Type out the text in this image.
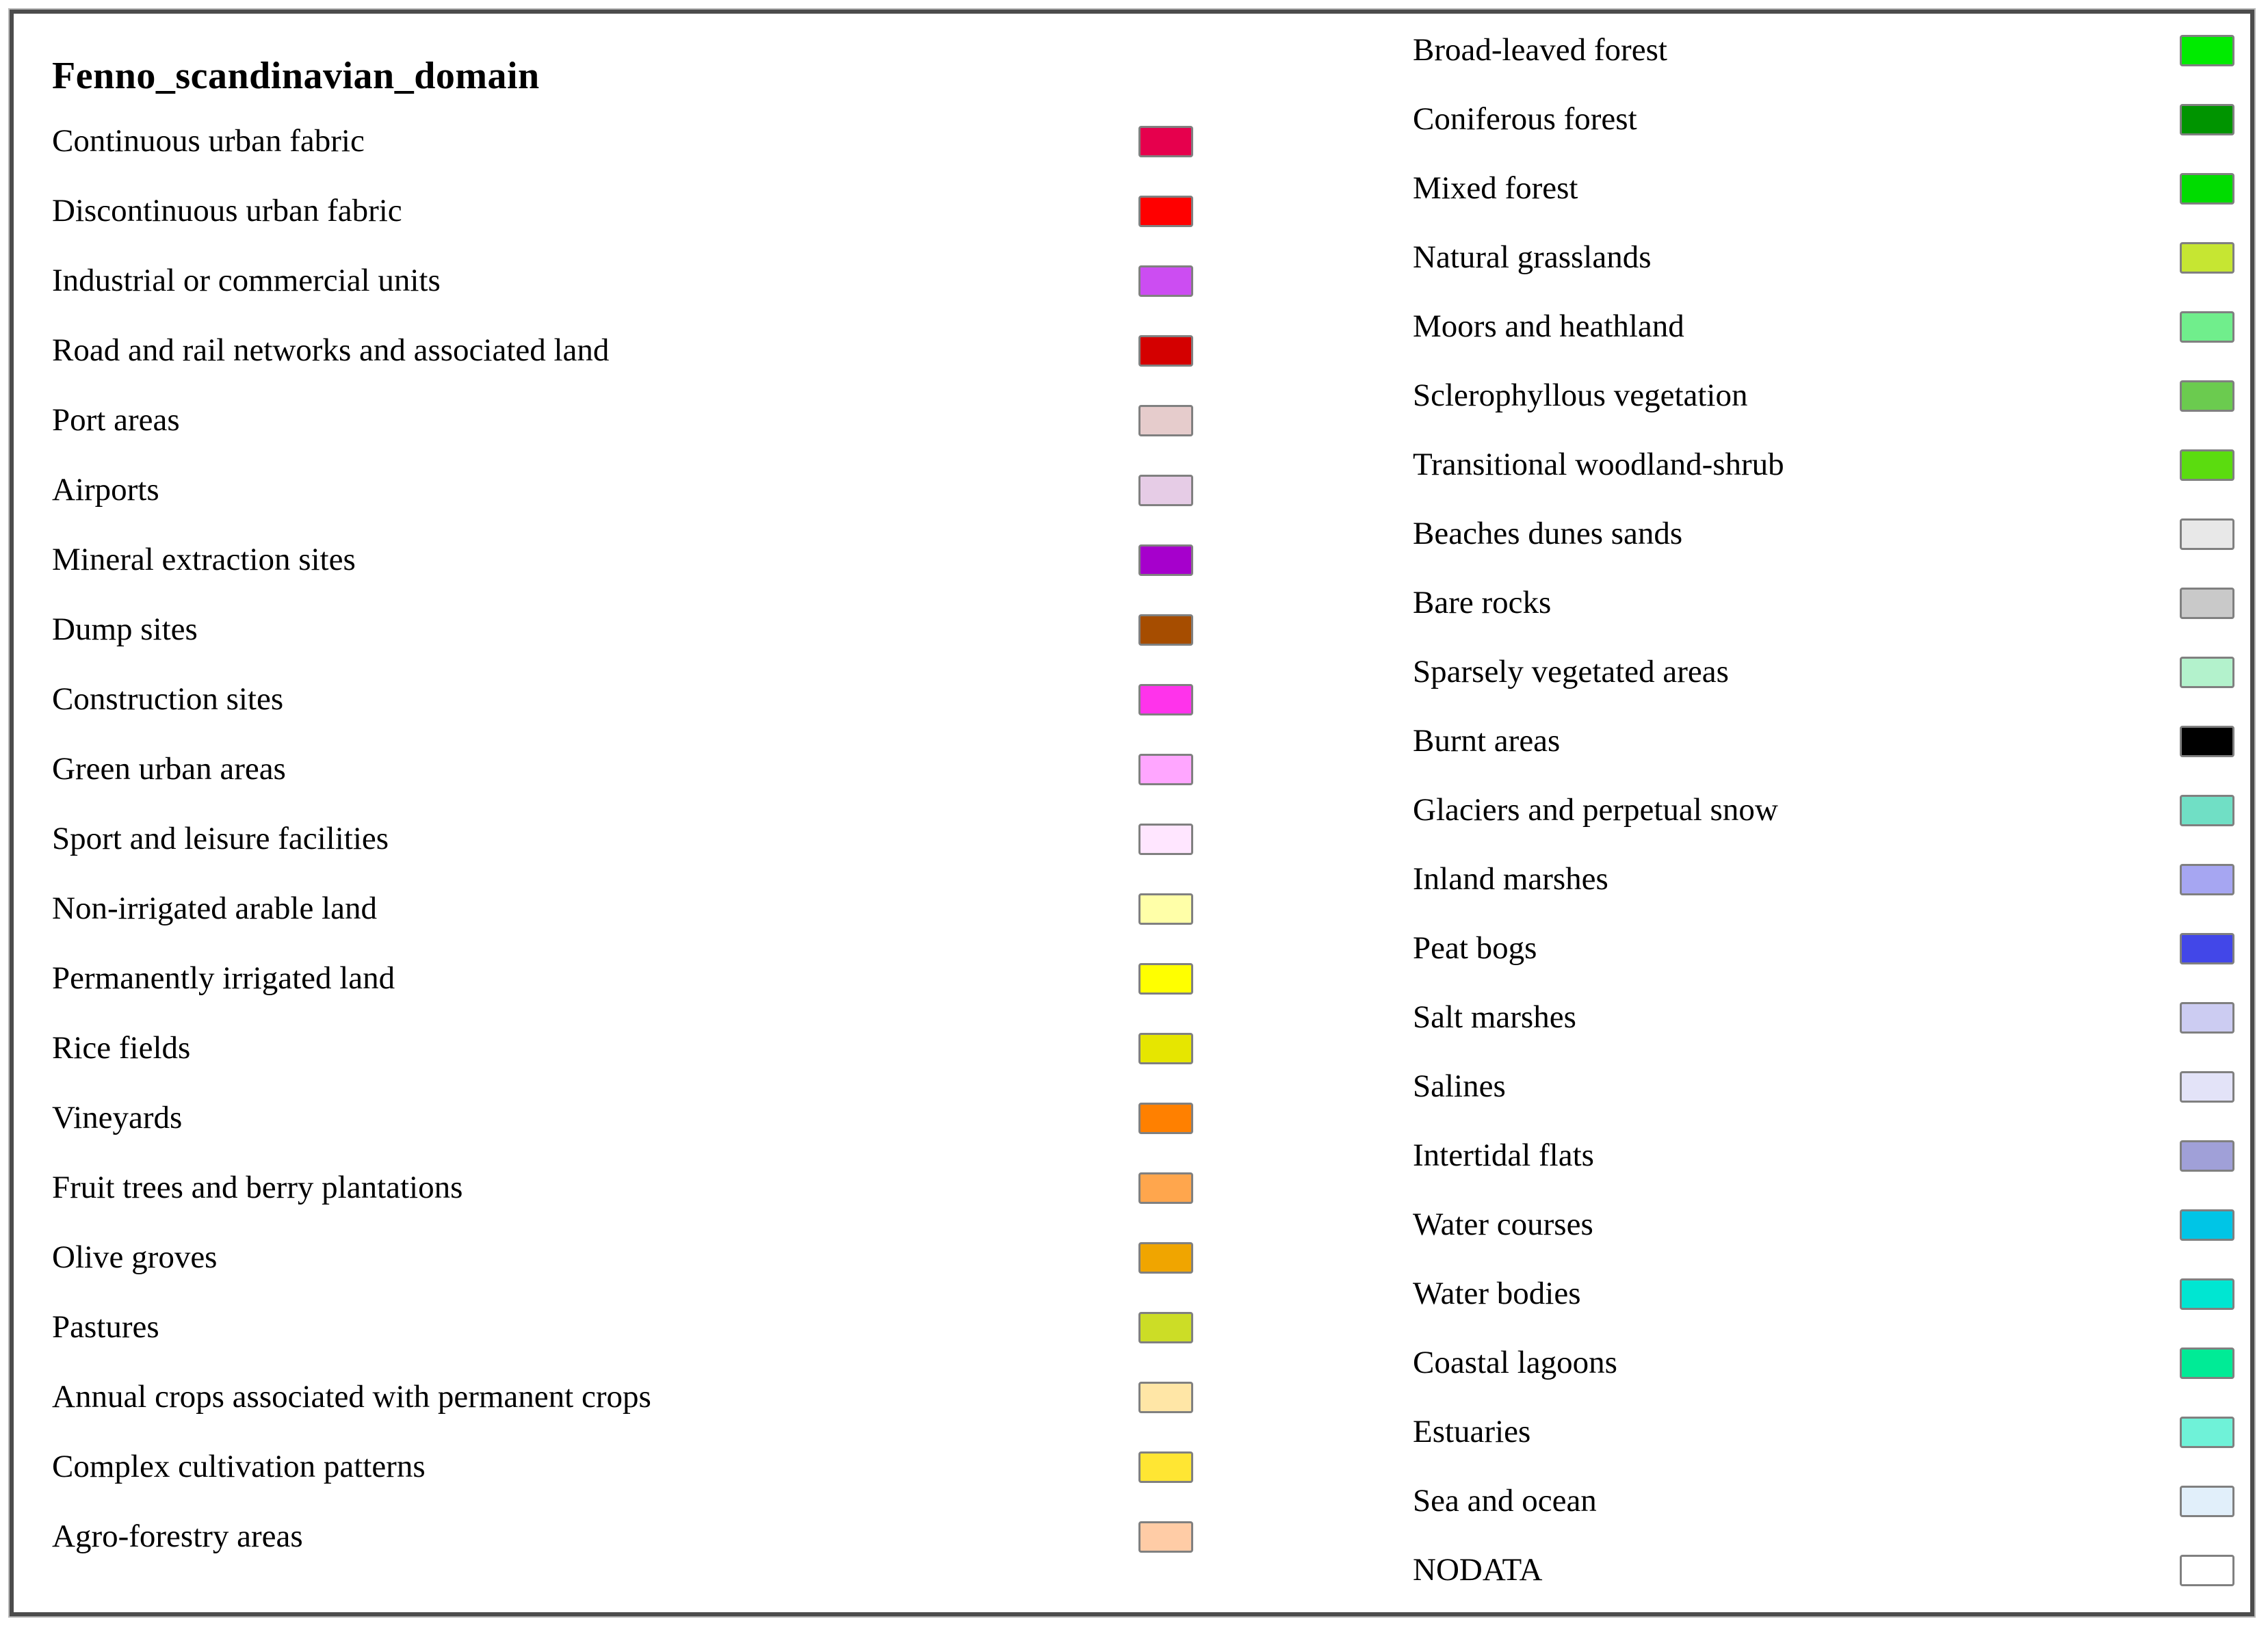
Fenno_scandinavian_domain
Continuous urban fabric
Discontinuous urban fabric
Industrial or commercial units
Road and rail networks and associated land
Port areas
Airports
Mineral extraction sites
Dump sites
Construction sites
Green urban areas
Sport and leisure facilities
Non-irrigated arable land
Permanently irrigated land
Rice fields
Vineyards
Fruit trees and berry plantations
Olive groves
Pastures
Annual crops associated with permanent crops
Complex cultivation patterns
Agro-forestry areas
Broad-leaved forest
Coniferous forest
Mixed forest
Natural grasslands
Moors and heathland
Sclerophyllous vegetation
Transitional woodland-shrub
Beaches dunes sands
Bare rocks
Sparsely vegetated areas
Burnt areas
Glaciers and perpetual snow
Inland marshes
Peat bogs
Salt marshes
Salines
Intertidal flats
Water courses
Water bodies
Coastal lagoons
Estuaries
Sea and ocean
NODATA
